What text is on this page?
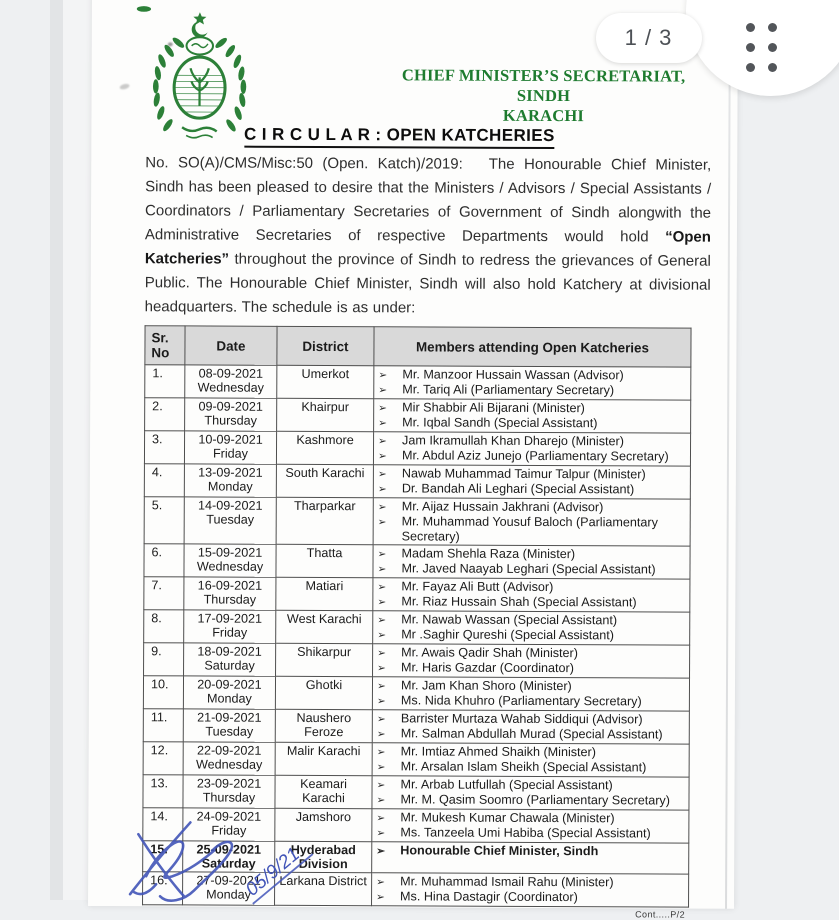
CHIEF MINISTER’S SECRETARIAT, SINDH
KARACHI
C I R C U L A R : OPEN KATCHERIES
No. SO(A)/CMS/Misc:50 (Open. Katch)/2019: The Honourable Chief Minister, Sindh has been pleased to desire that the Ministers / Advisors / Special Assistants / Coordinators / Parliamentary Secretaries of Government of Sindh alongwith the Administrative Secretaries of respective Departments would hold “Open Katcheries” throughout the province of Sindh to redress the grievances of General Public. The Honourable Chief Minister, Sindh will also hold Katchery at divisional headquarters. The schedule is as under:
Sr. No	Date	District	Members attending Open Katcheries
1.	08-09-2021
Wednesday
	Umerkot	➢ Mr. Manzoor Hussain Wassan (Advisor)
➢ Mr. Tariq Ali (Parliamentary Secretary)

2.	09-09-2021
Thursday
	Khairpur	➢ Mir Shabbir Ali Bijarani (Minister)
➢ Mr. Iqbal Sandh (Special Assistant)

3.	10-09-2021
Friday
	Kashmore	➢ Jam Ikramullah Khan Dharejo (Minister)
➢ Mr. Abdul Aziz Junejo (Parliamentary Secretary)

4.	13-09-2021
Monday
	South Karachi	➢ Nawab Muhammad Taimur Talpur (Minister)
➢ Dr. Bandah Ali Leghari (Special Assistant)

5.	14-09-2021
Tuesday
	Tharparkar	➢ Mr. Aijaz Hussain Jakhrani (Advisor)
➢ Mr. Muhammad Yousuf Baloch (Parliamentary Secretary)

6.	15-09-2021
Wednesday
	Thatta	➢ Madam Shehla Raza (Minister)
➢ Mr. Javed Naayab Leghari (Special Assistant)

7.	16-09-2021
Thursday
	Matiari	➢ Mr. Fayaz Ali Butt (Advisor)
➢ Mr. Riaz Hussain Shah (Special Assistant)

8.	17-09-2021
Friday
	West Karachi	➢ Mr. Nawab Wassan (Special Assistant)
➢ Mr .Saghir Qureshi (Special Assistant)

9.	18-09-2021
Saturday
	Shikarpur	➢ Mr. Awais Qadir Shah (Minister)
➢ Mr. Haris Gazdar (Coordinator)

10.	20-09-2021
Monday
	Ghotki	➢ Mr. Jam Khan Shoro (Minister)
➢ Ms. Nida Khuhro (Parliamentary Secretary)

11.	21-09-2021
Tuesday
	Naushero Feroze	
➢ Barrister Murtaza Wahab Siddiqui (Advisor)
➢ Mr. Salman Abdullah Murad (Special Assistant)

12.	22-09-2021
Wednesday
	Malir Karachi	➢ Mr. Imtiaz Ahmed Shaikh (Minister)
➢ Mr. Arsalan Islam Sheikh (Special Assistant)

13.	23-09-2021
Thursday
	Keamari Karachi	
➢ Mr. Arbab Lutfullah (Special Assistant)
➢ Mr. M. Qasim Soomro (Parliamentary Secretary)

14.	24-09-2021
Friday
	Jamshoro	➢ Mr. Mukesh Kumar Chawala (Minister)
➢ Ms. Tanzeela Umi Habiba (Special Assistant)

15.	25-09-2021
Saturday	Hyderabad Division	➢ Honourable Chief Minister, Sindh

16.	27-09-2021
Monday
	Larkana District	➢ Mr. Muhammad Ismail Rahu (Minister)
➢ Ms. Hina Dastagir (Coordinator)
Cont.....P/2
05/9/21
1 / 3
